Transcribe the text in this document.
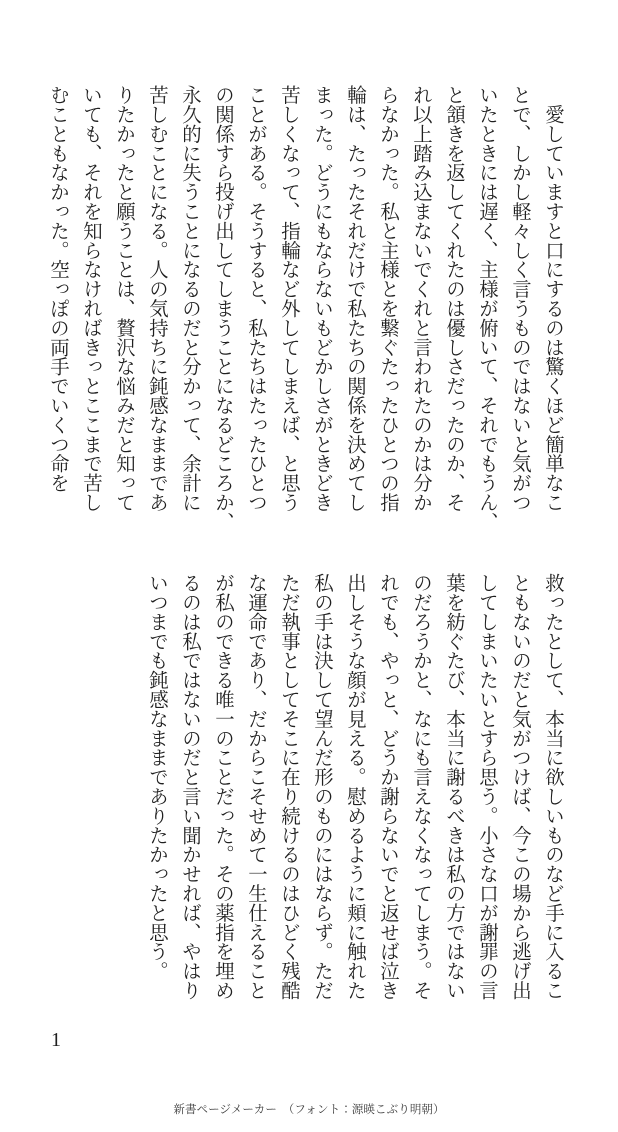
　愛していますと口にするのは驚くほど簡単なこ
とで、しかし軽々しく言うものではないと気がつ
いたときには遅く、主様が俯いて、それでもうん、
と頷きを返してくれたのは優しさだったのか、そ
れ以上踏み込まないでくれと言われたのかは分か
らなかった。私と主様とを繋ぐたったひとつの指
輪は、たったそれだけで私たちの関係を決めてし
まった。どうにもならないもどかしさがときどき
苦しくなって、指輪など外してしまえば、と思う
ことがある。そうすると、私たちはたったひとつ
の関係すら投げ出してしまうことになるどころか、
永久的に失うことになるのだと分かって、余計に
苦しむことになる。人の気持ちに鈍感なままであ
りたかったと願うことは、贅沢な悩みだと知って
いても、それを知らなければきっとここまで苦し
むこともなかった。空っぽの両手でいくつ命を
救ったとして、本当に欲しいものなど手に入るこ
ともないのだと気がつけば、今この場から逃げ出
してしまいたいとすら思う。小さな口が謝罪の言
葉を紡ぐたび、本当に謝るべきは私の方ではない
のだろうかと、なにも言えなくなってしまう。そ
れでも、やっと、どうか謝らないでと返せば泣き
出しそうな顔が見える。慰めるように頬に触れた
私の手は決して望んだ形のものにはならず。ただ
ただ執事としてそこに在り続けるのはひどく残酷
な運命であり、だからこそせめて一生仕えること
が私のできる唯一のことだった。その薬指を埋め
るのは私ではないのだと言い聞かせれば、やはり
いつまでも鈍感なままでありたかったと思う。
1
新書ページメーカー　（フォント：源暎こぶり明朝）
